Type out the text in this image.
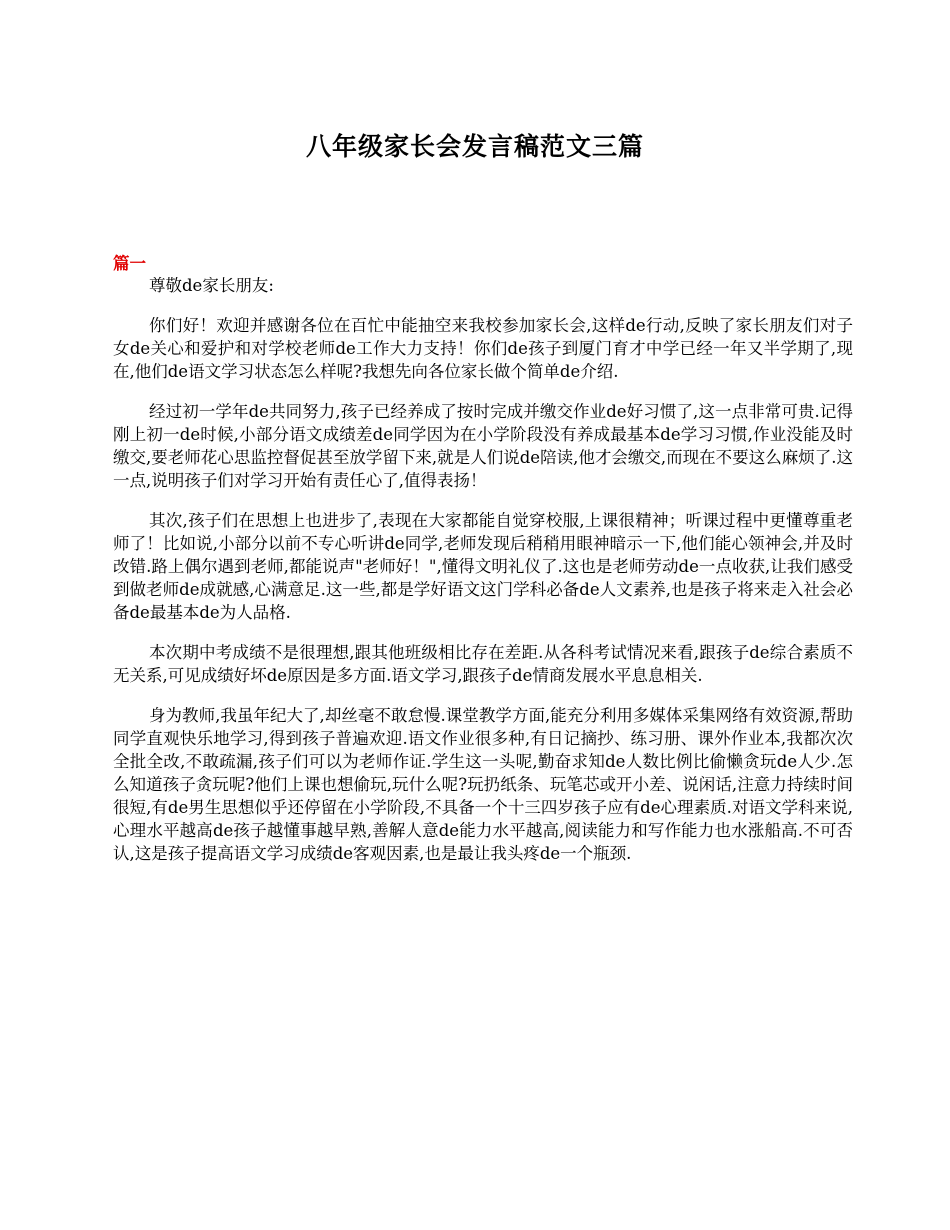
八年级家长会发言稿范文三篇
篇一

尊敬de家长朋友:

你们好！欢迎并感谢各位在百忙中能抽空来我校参加家长会,这样de行动,反映了家长朋友们对子女de关心和爱护和对学校老师de工作大力支持！你们de孩子到厦门育才中学已经一年又半学期了,现在,他们de语文学习状态怎么样呢?我想先向各位家长做个简单de介绍.

经过初一学年de共同努力,孩子已经养成了按时完成并缴交作业de好习惯了,这一点非常可贵.记得刚上初一de时候,小部分语文成绩差de同学因为在小学阶段没有养成最基本de学习习惯,作业没能及时缴交,要老师花心思监控督促甚至放学留下来,就是人们说de陪读,他才会缴交,而现在不要这么麻烦了.这一点,说明孩子们对学习开始有责任心了,值得表扬！

其次,孩子们在思想上也进步了,表现在大家都能自觉穿校服,上课很精神；听课过程中更懂尊重老师了！比如说,小部分以前不专心听讲de同学,老师发现后稍稍用眼神暗示一下,他们能心领神会,并及时改错.路上偶尔遇到老师,都能说声"老师好！",懂得文明礼仪了.这也是老师劳动de一点收获,让我们感受到做老师de成就感,心满意足.这一些,都是学好语文这门学科必备de人文素养,也是孩子将来走入社会必备de最基本de为人品格.

本次期中考成绩不是很理想,跟其他班级相比存在差距.从各科考试情况来看,跟孩子de综合素质不无关系,可见成绩好坏de原因是多方面.语文学习,跟孩子de情商发展水平息息相关.

身为教师,我虽年纪大了,却丝毫不敢怠慢.课堂教学方面,能充分利用多媒体采集网络有效资源,帮助同学直观快乐地学习,得到孩子普遍欢迎.语文作业很多种,有日记摘抄、练习册、课外作业本,我都次次全批全改,不敢疏漏,孩子们可以为老师作证.学生这一头呢,勤奋求知de人数比例比偷懒贪玩de人少.怎么知道孩子贪玩呢?他们上课也想偷玩,玩什么呢?玩扔纸条、玩笔芯或开小差、说闲话,注意力持续时间很短,有de男生思想似乎还停留在小学阶段,不具备一个十三四岁孩子应有de心理素质.对语文学科来说,心理水平越高de孩子越懂事越早熟,善解人意de能力水平越高,阅读能力和写作能力也水涨船高.不可否认,这是孩子提高语文学习成绩de客观因素,也是最让我头疼de一个瓶颈.
